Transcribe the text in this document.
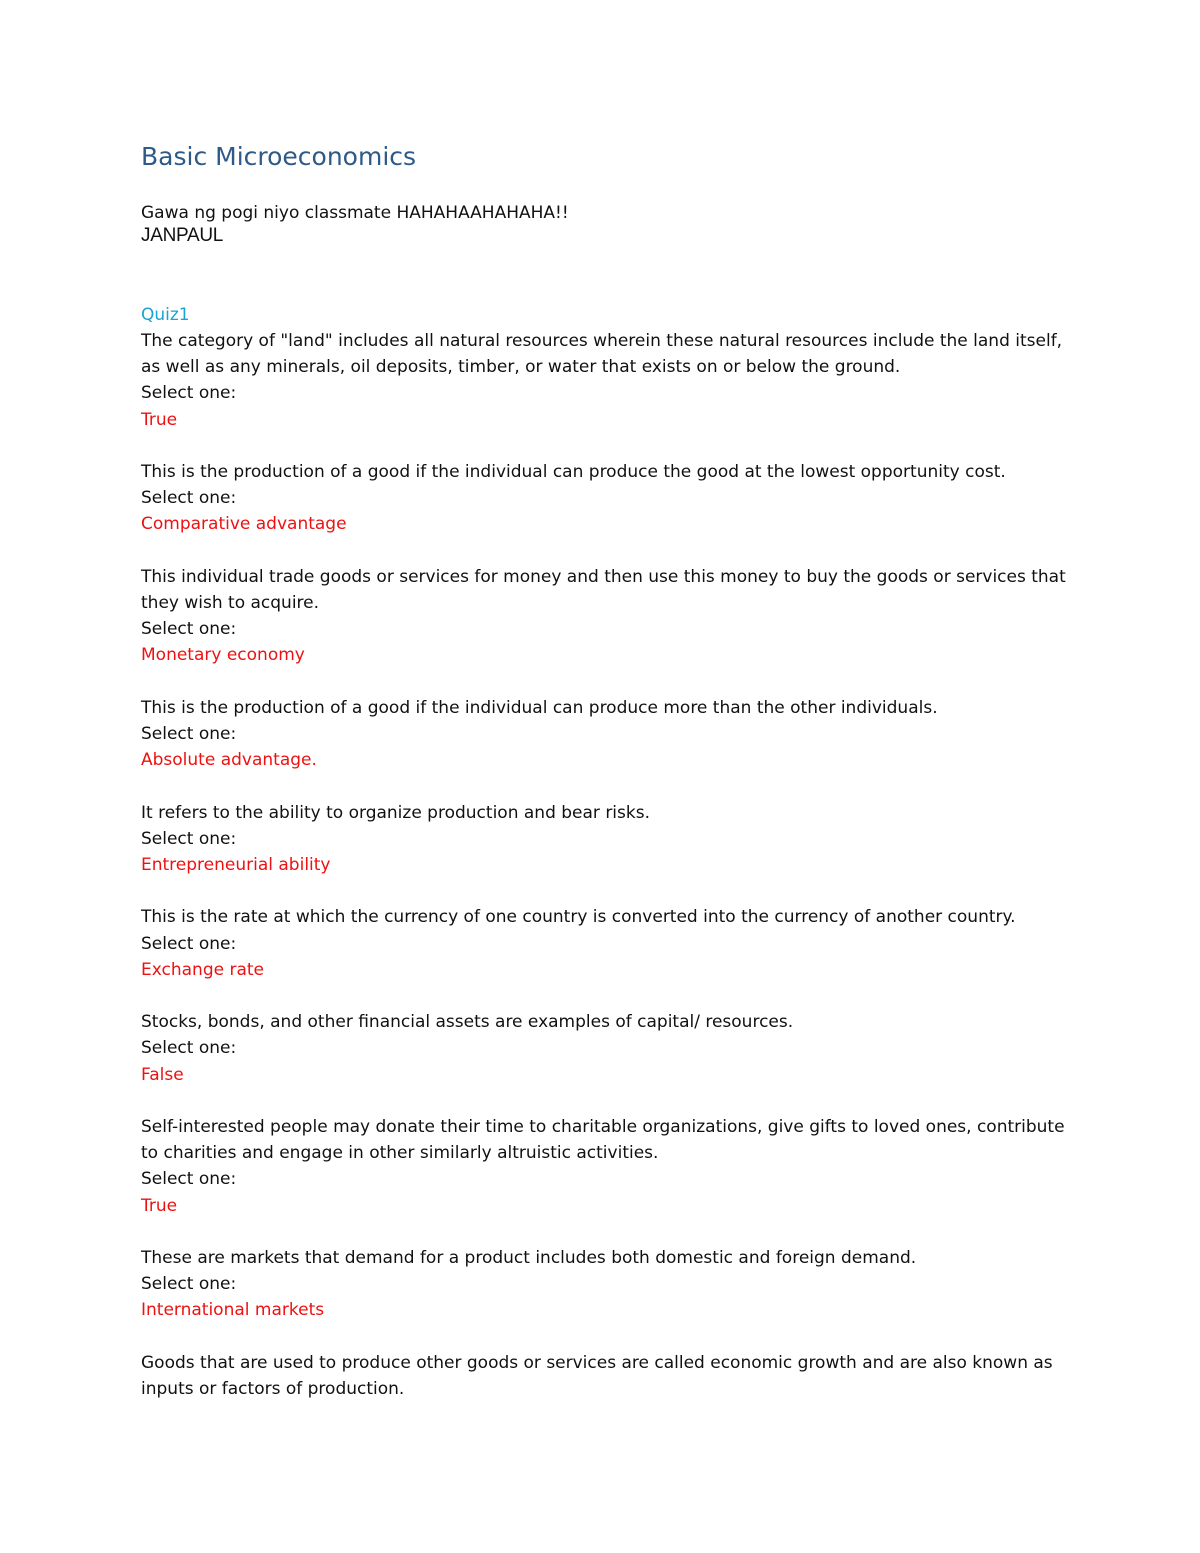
Basic Microeconomics
Gawa ng pogi niyo classmate HAHAHAAHAHAHA!!
JANPAUL
Quiz1

The category of "land" includes all natural resources wherein these natural resources include the land itself, as well as any minerals, oil deposits, timber, or water that exists on or below the ground.

Select one:

True

This is the production of a good if the individual can produce the good at the lowest opportunity cost.

Select one:

Comparative advantage

This individual trade goods or services for money and then use this money to buy the goods or services that they wish to acquire.

Select one:

Monetary economy

This is the production of a good if the individual can produce more than the other individuals.

Select one:

Absolute advantage.

It refers to the ability to organize production and bear risks.

Select one:

Entrepreneurial ability

This is the rate at which the currency of one country is converted into the currency of another country.

Select one:

Exchange rate

Stocks, bonds, and other financial assets are examples of capital/ resources.

Select one:

False

Self-interested people may donate their time to charitable organizations, give gifts to loved ones, contribute to charities and engage in other similarly altruistic activities.

Select one:

True

These are markets that demand for a product includes both domestic and foreign demand.

Select one:

International markets

Goods that are used to produce other goods or services are called economic growth and are also known as inputs or factors of production.
